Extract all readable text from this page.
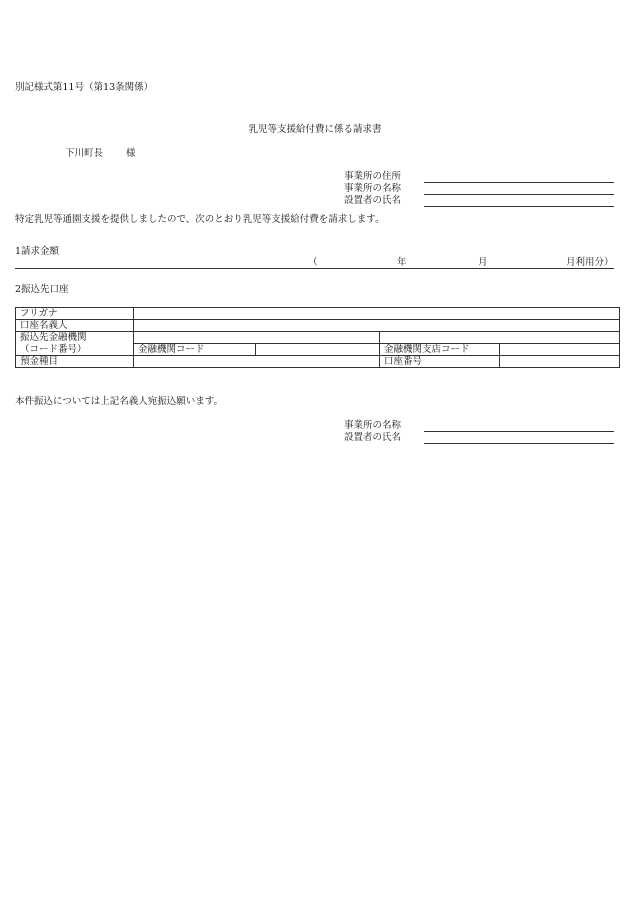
別記様式第11号（第13条関係）
乳児等支援給付費に係る請求書
下川町長 様
事業所の住所
事業所の名称
設置者の氏名
特定乳児等通園支援を提供しましたので、次のとおり乳児等支援給付費を請求します。
1請求金額
（	年	月	月利用分）
2振込先口座
フリガナ				
口座名義人				

振込先金融機関
（コード番号）				

	金融機関コード		金融機関支店コード	
預金種目			口座番号	
本件振込については上記名義人宛振込願います。
事業所の名称
設置者の氏名
